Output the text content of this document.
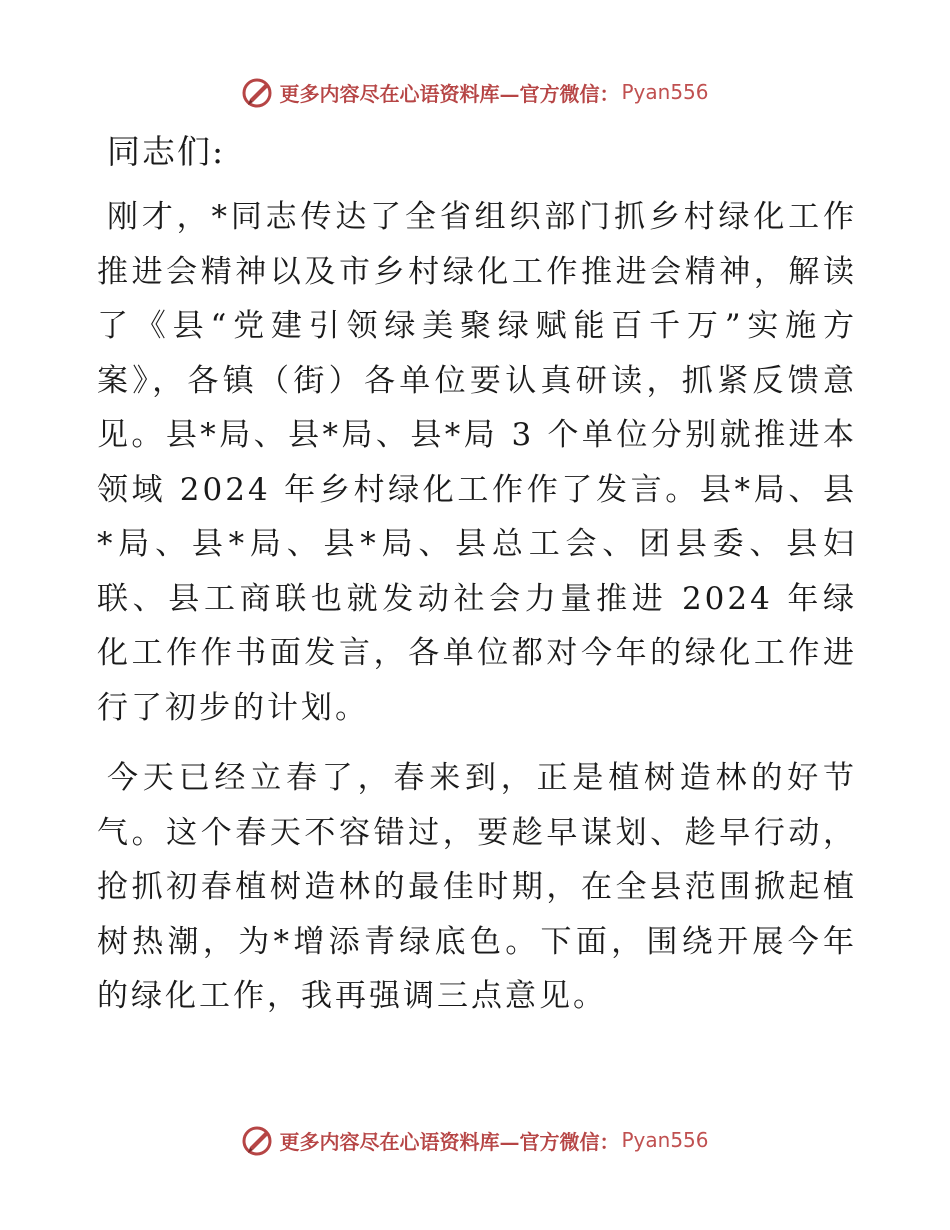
更多内容尽在心语资料库—官方微信： Pyan556
同志们:

刚才，*同志传达了全省组织部门抓乡村绿化工作推进会精神以及市乡村绿化工作推进会精神，解读了《县“党建引领绿美聚绿赋能百千万”实施方案》，各镇（街）各单位要认真研读，抓紧反馈意见。县*局、县*局、县*局 3 个单位分别就推进本领域 2024 年乡村绿化工作作了发言。县*局、县*局、县*局、县*局、县总工会、团县委、县妇联、县工商联也就发动社会力量推进 2024 年绿化工作作书面发言，各单位都对今年的绿化工作进行了初步的计划。

今天已经立春了，春来到，正是植树造林的好节气。这个春天不容错过，要趁早谋划、趁早行动，抢抓初春植树造林的最佳时期，在全县范围掀起植树热潮，为*增添青绿底色。下面，围绕开展今年的绿化工作，我再强调三点意见。

更多内容尽在心语资料库—官方微信： Pyan556
